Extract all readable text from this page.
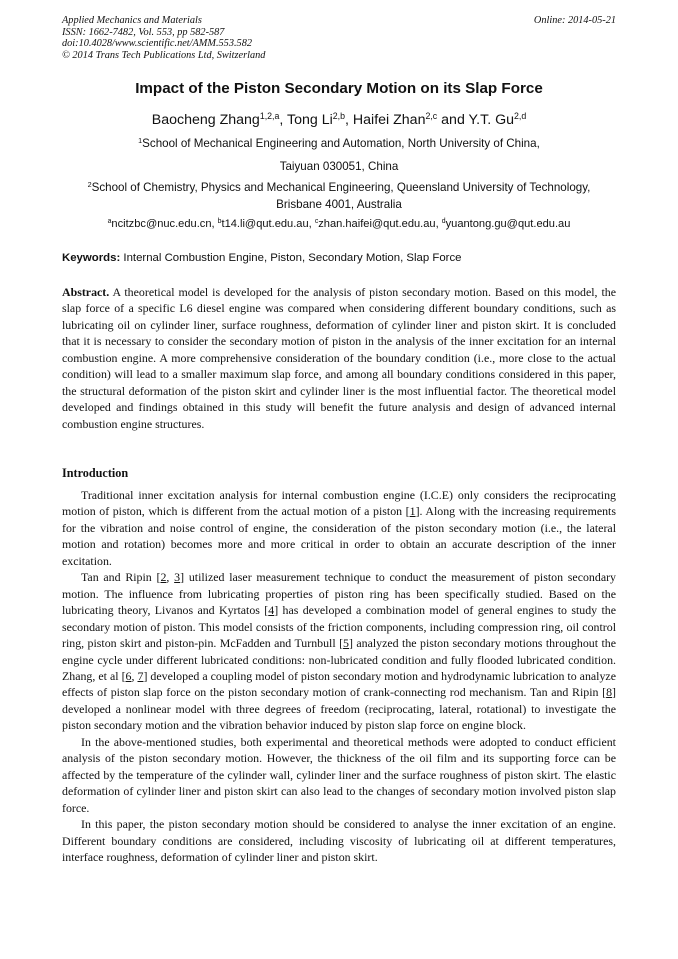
Applied Mechanics and Materials
ISSN: 1662-7482, Vol. 553, pp 582-587
doi:10.4028/www.scientific.net/AMM.553.582
© 2014 Trans Tech Publications Ltd, Switzerland
Online: 2014-05-21
Impact of the Piston Secondary Motion on its Slap Force
Baocheng Zhang$^{1,2,a}$, Tong Li$^{2,b}$, Haifei Zhan$^{2,c}$ and Y.T. Gu$^{2,d}$
$^1$School of Mechanical Engineering and Automation, North University of China,
Taiyuan 030051, China
$^2$School of Chemistry, Physics and Mechanical Engineering, Queensland University of Technology,
Brisbane 4001, Australia
$^a$ncitzbc@nuc.edu.cn, $^b$t14.li@qut.edu.au, $^c$zhan.haifei@qut.edu.au, $^d$yuantong.gu@qut.edu.au
Keywords: Internal Combustion Engine, Piston, Secondary Motion, Slap Force

Abstract. A theoretical model is developed for the analysis of piston secondary motion. Based on this model, the slap force of a specific L6 diesel engine was compared when considering different boundary conditions, such as lubricating oil on cylinder liner, surface roughness, deformation of cylinder liner and piston skirt. It is concluded that it is necessary to consider the secondary motion of piston in the analysis of the inner excitation for an internal combustion engine. A more comprehensive consideration of the boundary condition (i.e., more close to the actual condition) will lead to a smaller maximum slap force, and among all boundary conditions considered in this paper, the structural deformation of the piston skirt and cylinder liner is the most influential factor. The theoretical model developed and findings obtained in this study will benefit the future analysis and design of advanced internal combustion engine structures.

Introduction

Traditional inner excitation analysis for internal combustion engine (I.C.E) only considers the reciprocating motion of piston, which is different from the actual motion of a piston [1]. Along with the increasing requirements for the vibration and noise control of engine, the consideration of the piston secondary motion (i.e., the lateral motion and rotation) becomes more and more critical in order to obtain an accurate description of the inner excitation.

Tan and Ripin [2, 3] utilized laser measurement technique to conduct the measurement of piston secondary motion. The influence from lubricating properties of piston ring has been specifically studied. Based on the lubricating theory, Livanos and Kyrtatos [4] has developed a combination model of general engines to study the secondary motion of piston. This model consists of the friction components, including compression ring, oil control ring, piston skirt and piston-pin. McFadden and Turnbull [5] analyzed the piston secondary motions throughout the engine cycle under different lubricated conditions: non-lubricated condition and fully flooded lubricated condition. Zhang, et al [6, 7] developed a coupling model of piston secondary motion and hydrodynamic lubrication to analyze effects of piston slap force on the piston secondary motion of crank-connecting rod mechanism. Tan and Ripin [8] developed a nonlinear model with three degrees of freedom (reciprocating, lateral, rotational) to investigate the piston secondary motion and the vibration behavior induced by piston slap force on engine block.

In the above-mentioned studies, both experimental and theoretical methods were adopted to conduct efficient analysis of the piston secondary motion. However, the thickness of the oil film and its supporting force can be affected by the temperature of the cylinder wall, cylinder liner and the surface roughness of piston skirt. The elastic deformation of cylinder liner and piston skirt can also lead to the changes of secondary motion involved piston slap force.

In this paper, the piston secondary motion should be considered to analyse the inner excitation of an engine. Different boundary conditions are considered, including viscosity of lubricating oil at different temperatures, interface roughness, deformation of cylinder liner and piston skirt.
